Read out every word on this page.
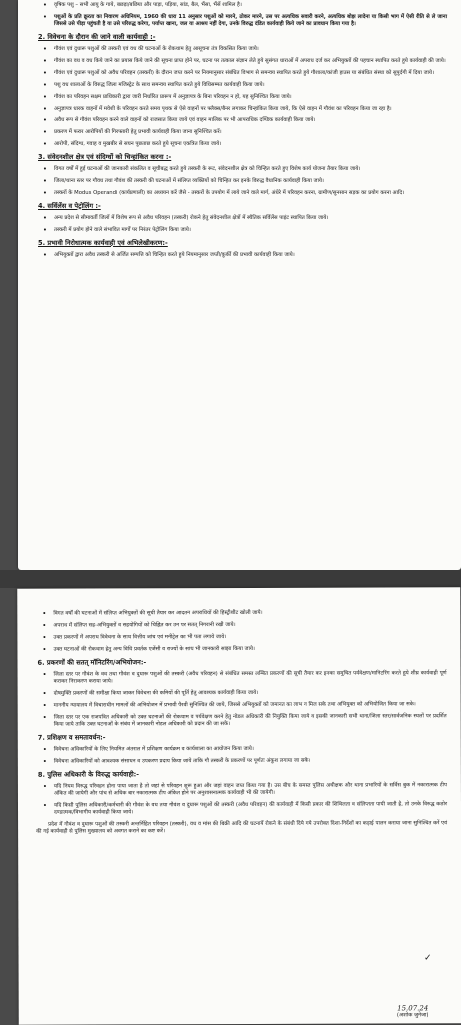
•	वृषिक पशु – सभी आयु के गाये, बछड़ा/बछिया और पाड़ा, पड़िया, सांड, बैल, भैंसा, भैंसें शामिल है।
•	पशुओं के प्रति क्रूरता का निवारण अधिनियम, 1960 की धारा 11 अनुसार पशुओं को मारने, ठोकर मारने, उस पर अत्यधिक सवारी करने, अत्यधिक बोझ लादेना या किसी भाग में ऐसी रीति से ले जाना जिससे उसे पीड़ा पहुंचती है या उसे परिरुद्ध करेगा, पर्याप्त खाना, जल या आश्रय नहीं देगा, उनके विरुद्ध दंडित कार्यवाही किये जाने का प्रावधान किया गया है।
2. विवेचना के दौरान की जाने वाली कार्यवाही :-
•	गौवंश एवं दुधारू पशुओं की तस्करी एवं वध की घटनाओं के रोकथाम हेतु आसूचना तंत्र विकसित किया जाये।
•	गौवंश का वध व वध किये जाने का प्रयास किये जाने की सूचना प्राप्त होने पर, घटना पर तत्काल संज्ञान लेते हुये सुसंगत धाराओं में अपराध दर्ज कर अभियुक्तों की पहचान स्थापित करते हुये कार्यवाही की जाये।
•	गौवंश एवं दुधारू पशुओं को अवैध परिवहन (तस्करी) के दौरान जप्त करने पर नियमानुसार संबंधित विभाग से समन्वय स्थापित करते हुये गौशाला/कांजी हाउस या संबंधित संस्था को सुपुर्दगी में दिया जाये।
•	पशु वध शालाओं के विरुद्ध जिला मजिस्ट्रेट के साथ समन्वय स्थापित करते हुये विधिसम्मत कार्यवाही किया जाये।
•	गौवंश का परिवहन सक्षम प्राधिकारी द्वारा जारी निर्धारित प्रारूप में अनुज्ञापत्र के बिना परिवहन न हो, यह सुनिश्चित किया जाये।
•	अनुज्ञापत्र धारक वाहनों में मवेशी के परिवहन करते समय पृथक से ऐसे वाहनों पर फ्लैक्स/बैनर लगाकर चिन्हांकित किया जाये, कि ऐसे वाहन में गौवंश का परिवहन किया जा रहा है।
•	अवैध रूप से गौवंश परिवहन करने वाले वाहनों को राजसात किया जाये एवं वाहन मालिक पर भी आपराधिक दण्डिक कार्यवाही किया जाये।
•	प्रकरण में फरार आरोपियों की गिरफ्तारी हेतु प्रभावी कार्यवाही किया जाना सुनिश्चित करें।
•	आरोपी, संदिग्ध, गवाह व मुखबीर से सघन पूछताछ करते हुये सूचना एकत्रित किया जाये।
3. संवेदनशील क्षेत्र एवं संदिग्धों को चिन्हांकित करना :-
•	विगत वर्षों में हुई घटनाओं की जानकारी संकलित व सूचीबद्ध करते हुये तस्करी के रूट, संवेदनशील क्षेत्र को चिन्हित करते हुए विशेष कार्य योजना तैयार किया जाये।
•	जिला/थाना स्तर पर गौवध तथा गौवंश की तस्करी की घटनाओं में संलिप्त व्यक्तियों को चिन्हित कर इनके विरुद्ध वैधानिक कार्यवाही किया जाये।
•	तस्करों के Modus Operandi (कार्यप्रणाली) का अध्ययन करें जैसे - तस्करों के उपयोग में लाये जाने वाले मार्ग, अंधेरे में परिवहन करना, ग्रामीण/सुनसान सड़क का प्रयोग करना आदि।
4. सर्विलेंस व पेट्रोलिंग :-
•	अन्य प्रदेश से सीमावर्ती जिलों में विशेष रूप से अवैध परिवहन (तस्करी) रोकने हेतु संवेदनशील क्षेत्रों में स्थैतिक सर्विलेंस पाइंट स्थापित किया जाये।
•	तस्करी में प्रयोग होने वाले संभावित मार्गों पर निरंतर पेट्रोलिंग किया जाये।
5. प्रभावी निरोधात्मक कार्यवाही एवं अभिलेखीकरण:-
•	अभियुक्तों द्वारा अवैध तस्करी से अर्जित सम्पत्ति को चिन्हित करते हुये नियमानुसार जप्ती/कुर्की की प्रभावी कार्यवाही किया जाये।
•	विगत वर्षों की घटनाओं में संलिप्त अभियुक्तों की सूची तैयार कर आदतन अपराधियों की हिस्ट्रीशीट खोली जाये।
•	अपराध में संलिप्त सह-अभियुक्तों व सहयोगियों को चिह्नित कर उन पर सतत् निगरानी रखी जाये।
•	उक्त प्रकरणों में अपराध विवेचना के साथ वित्तीय जांच एवं मनीट्रेल का भी पता लगाये जाये।
•	उक्त घटनाओं की रोकथाम हेतु अन्य विधि प्रवर्तक एजेंसी व राज्यों के साथ भी जानकारी साझा किया जाये।
6. प्रकरणों की सतत् मॉनिटरिंग/अभियोजन:-
•	जिला स्तर पर गौवंश के वध तथा गौवंश व दुधारू पशुओं की तस्करी (अवैध परिवहन) से संबंधित समस्त लम्बित प्रकरणों की सूची तैयार कर इनका समुचित पर्यवेक्षण/मानिटरिंग करते हुये शीघ्र कार्यवाही पूर्ण कराकर निराकरण कराया जाये।
•	दोषमुक्ति प्रकरणों की समीक्षा किया जाकर विवेचना की कमियों की पूर्ति हेतु आवश्यक कार्यवाही किया जाये।
•	माननीय न्यायालय में विचाराधीन मामलों की अभियोजन में प्रभावी पैरवी सुनिश्चित की जाये, जिससे अभियुक्तों को जमानत का लाभ न मिल सके तथा अभियुक्त को अभियोजित किया जा सके।
•	जिला स्तर पर एक राजपत्रित अधिकारी को उक्त घटनाओं की रोकथाम व पर्यवेक्षण करने हेतु नोडल अधिकारी की नियुक्ति किया जाये व इसकी जानकारी सभी थाना/जिला स्तर/सार्वजनिक स्थलों पर प्रदर्शित किया जाये ताकि उक्त घटनाओं के संबंध में जानकारी नोडल अधिकारी को प्रदान की जा सके।
7. प्रशिक्षण व समतावर्धन:-
•	विवेचना अधिकारियों के लिए नियमित अंतराल में प्रशिक्षण कार्यक्रम व कार्यशाला का आयोजन किया जाये।
•	विवेचना अधिकारियों को आवश्यक संसाधन व उपकरण प्रदाय किया जाये ताकि गौ तस्करी के प्रकरणों पर पूर्णतः अंकुश लगाया जा सके।
8. पुलिस अधिकारी के विरुद्ध कार्यवाही:-
•	यदि नियम विरुद्ध परिवहन होना पाया जाता है तो जहां से परिवहन शुरू हुआ और जहां वाहन जप्त किया गया है। उस बीच के समस्त पुलिस अधीक्षक और थाना प्रभारियों के सर्विस बुक में नकारात्मक टीप अंकित की जायेगी और पांच से अधिक बार नकारात्मक टीप अंकित होने पर अनुशासनात्मक कार्यवाही भी की जायेगी।
•	यदि किसी पुलिस अधिकारी/कर्मचारी की गौवंश के वध तथा गौवंश व दुधारू पशुओं की तस्करी (अवैध परिवहन) की कार्यवाही में किसी प्रकार की शिथिलता व संलिप्तता पायी जाती है, तो उनके विरुद्ध कठोर दण्डात्मक/विभागीय कार्यवाही किया जाये।
प्रदेश में गौवंश व दुधारू पशुओं की तस्करी अन्तर्निहित परिवहन (तस्करी), वध व मांस की बिक्री आदि की घटनायें रोकने के संबंधी दिये गये उपरोक्त दिशा-निर्देशों का कड़ाई पालन कराया जाना सुनिश्चित करें एवं की गई कार्यवाही से पुलिस मुख्यालय को अवगत कराने का कष्ट करें।
✓
15.07.24
(अशोक जुनेजा)
